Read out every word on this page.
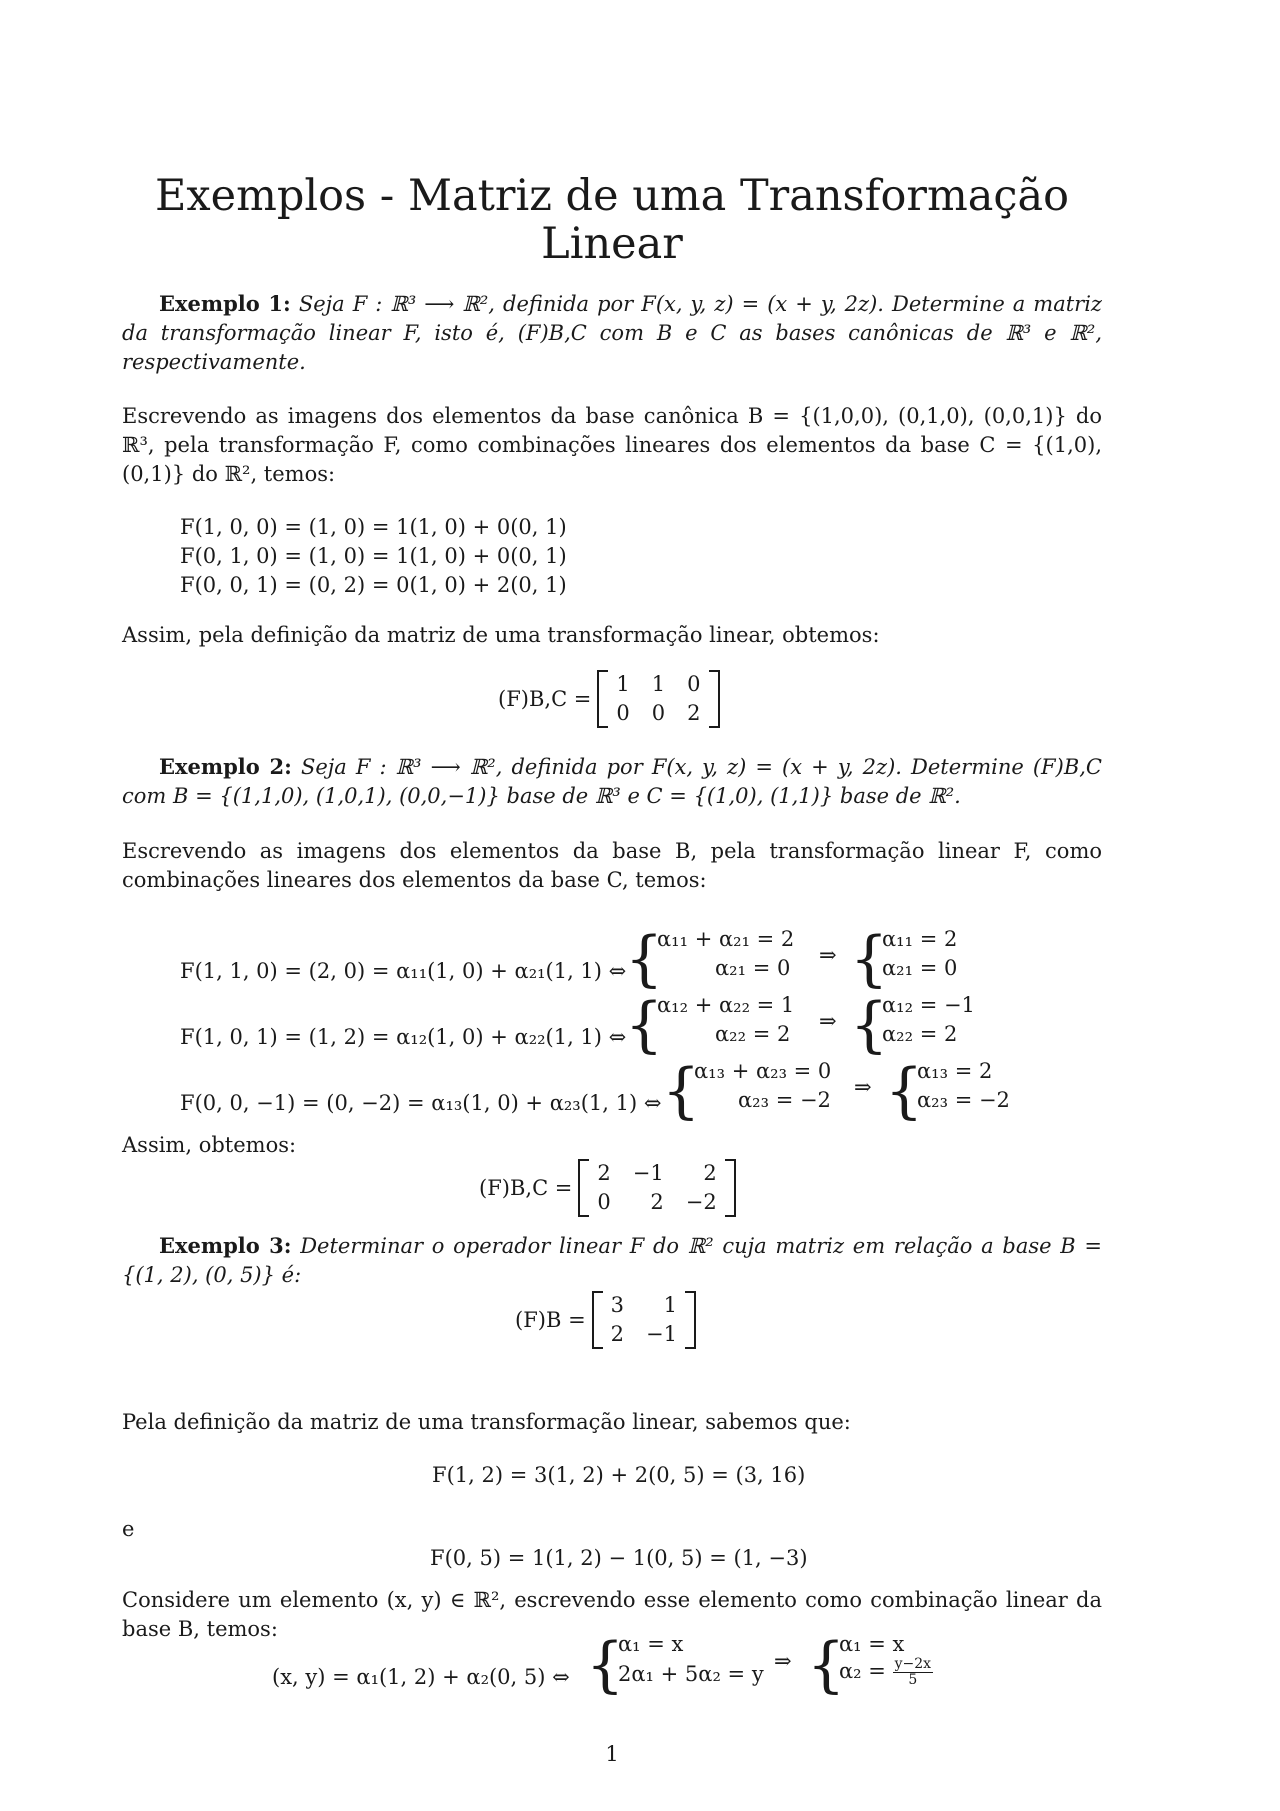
Exemplos - Matriz de uma Transformação
Linear

Exemplo 1: Seja F : ℝ³ ⟶ ℝ², definida por F(x, y, z) = (x + y, 2z). Determine a matriz da transformação linear F, isto é, (F)B,C com B e C as bases canônicas de ℝ³ e ℝ², respectivamente.

Escrevendo as imagens dos elementos da base canônica B = {(1,0,0), (0,1,0), (0,0,1)} do ℝ³, pela transformação F, como combinações lineares dos elementos da base C = {(1,0), (0,1)} do ℝ², temos:

F(1, 0, 0) = (1, 0) = 1(1, 0) + 0(0, 1)
F(0, 1, 0) = (1, 0) = 1(1, 0) + 0(0, 1)
F(0, 0, 1) = (0, 2) = 0(1, 0) + 2(0, 1)

Assim, pela definição da matriz de uma transformação linear, obtemos:

(F)B,C =
1 1 0
0 0 2

Exemplo 2: Seja F : ℝ³ ⟶ ℝ², definida por F(x, y, z) = (x + y, 2z). Determine (F)B,C com B = {(1,1,0), (1,0,1), (0,0,−1)} base de ℝ³ e C = {(1,0), (1,1)} base de ℝ².

Escrevendo as imagens dos elementos da base B, pela transformação linear F, como combinações lineares dos elementos da base C, temos:

F(1, 1, 0) = (2, 0) = α₁₁(1, 0) + α₂₁(1, 1) ⇔
{
α₁₁ + α₂₁ = 2
α₂₁ = 0
⇒ {
α₁₁ = 2
α₂₁ = 0
F(1, 0, 1) = (1, 2) = α₁₂(1, 0) + α₂₂(1, 1) ⇔
{
α₁₂ + α₂₂ = 1
α₂₂ = 2
⇒ {
α₁₂ = −1
α₂₂ = 2
F(0, 0, −1) = (0, −2) = α₁₃(1, 0) + α₂₃(1, 1) ⇔ {
α₁₃ + α₂₃ = 0
α₂₃ = −2
⇒ {
α₁₃ = 2
α₂₃ = −2

Assim, obtemos:

(F)B,C =
2 −1	2
0	2 −2

Exemplo 3: Determinar o operador linear F do ℝ² cuja matriz em relação a base B = {(1, 2), (0, 5)} é:

(F)B =
3	1
2 −1

Pela definição da matriz de uma transformação linear, sabemos que:

F(1, 2) = 3(1, 2) + 2(0, 5) = (3, 16)
e
F(0, 5) = 1(1, 2) − 1(0, 5) = (1, −3)

Considere um elemento (x, y) ∈ ℝ², escrevendo esse elemento como combinação linear da base B, temos:

(x, y) = α₁(1, 2) + α₂(0, 5) ⇔ {
α₁ = x
2α₁ + 5α₂ = y
⇒ {
α₁ = x
$\alpha_2 = \frac{y-2x}{5}$
1
